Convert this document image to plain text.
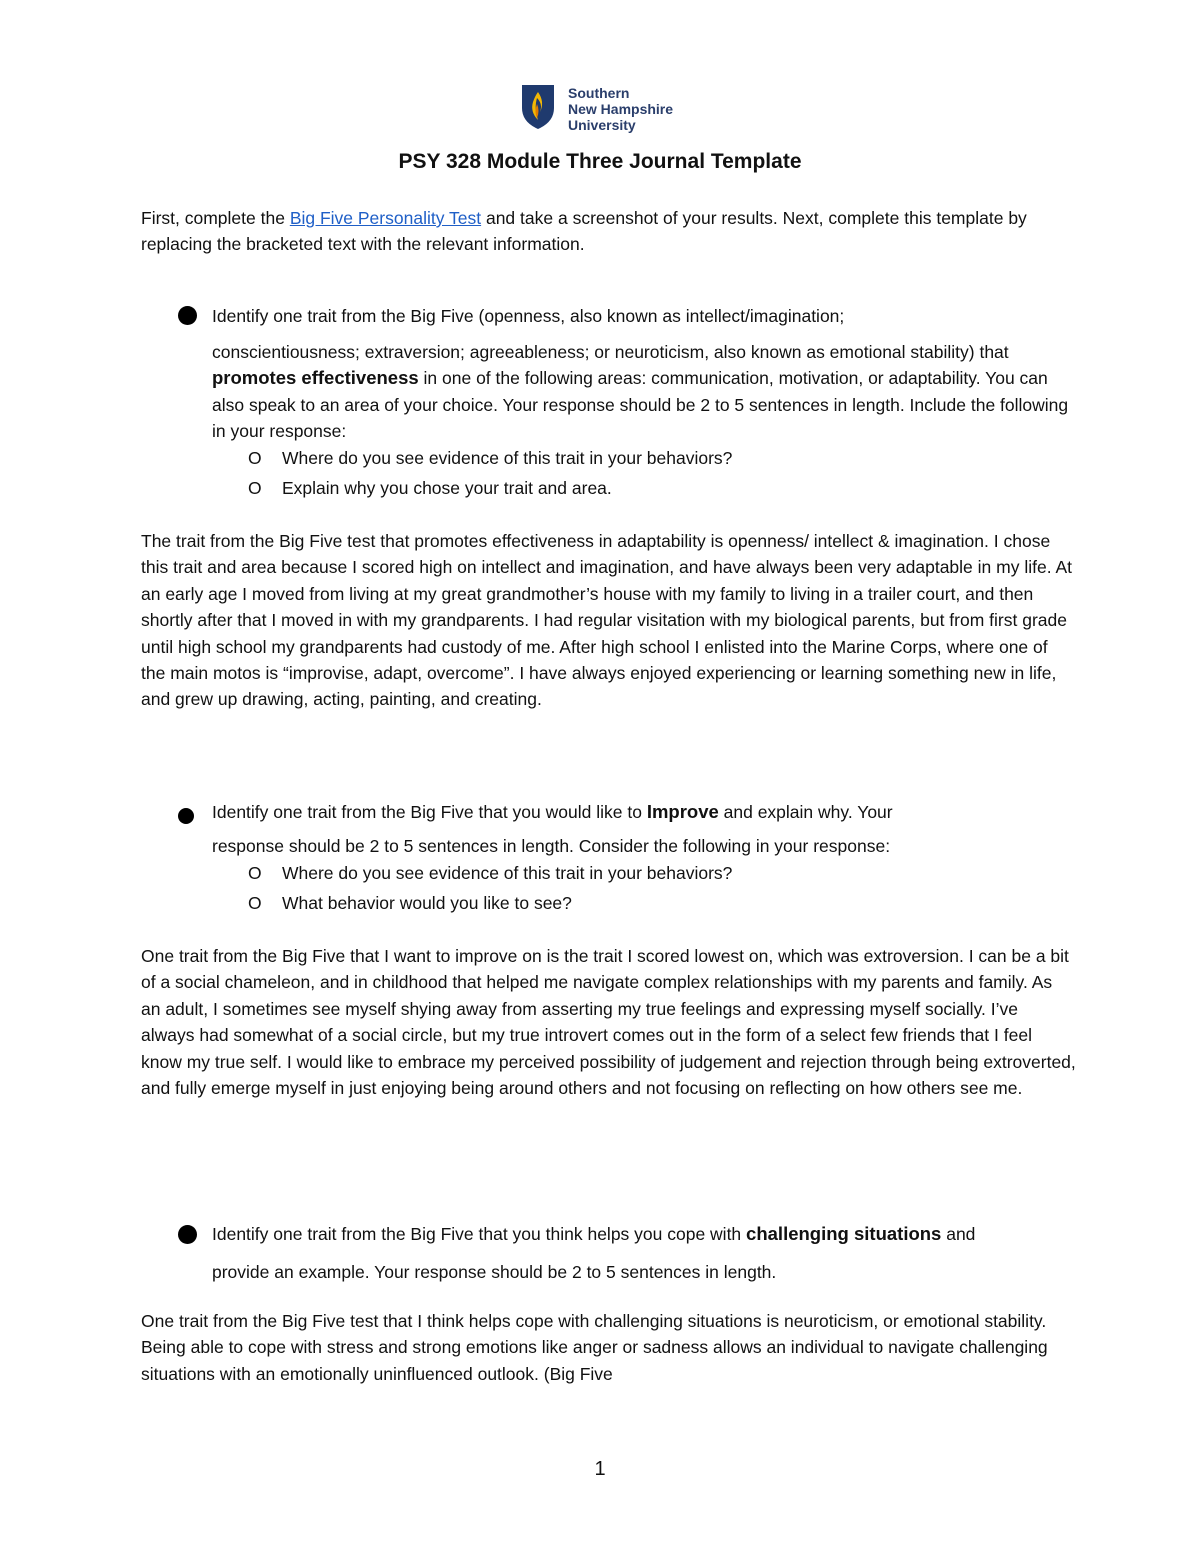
Southern
New Hampshire
University
PSY 328 Module Three Journal Template

First, complete the Big Five Personality Test and take a screenshot of your results. Next, complete this template by replacing the bracketed text with the relevant information.

Identify one trait from the Big Five (openness, also known as intellect/imagination;

conscientiousness; extraversion; agreeableness; or neuroticism, also known as emotional stability) that promotes effectiveness in one of the following areas: communication, motivation, or adaptability. You can also speak to an area of your choice. Your response should be 2 to 5 sentences in length. Include the following in your response:

O Where do you see evidence of this trait in your behaviors?
O Explain why you chose your trait and area.

The trait from the Big Five test that promotes effectiveness in adaptability is openness/ intellect & imagination. I chose this trait and area because I scored high on intellect and imagination, and have always been very adaptable in my life. At an early age I moved from living at my great grandmother’s house with my family to living in a trailer court, and then shortly after that I moved in with my grandparents. I had regular visitation with my biological parents, but from first grade until high school my grandparents had custody of me. After high school I enlisted into the Marine Corps, where one of the main motos is “improvise, adapt, overcome”. I have always enjoyed experiencing or learning something new in life, and grew up drawing, acting, painting, and creating.

Identify one trait from the Big Five that you would like to Improve and explain why. Your
response should be 2 to 5 sentences in length. Consider the following in your response:
O Where do you see evidence of this trait in your behaviors?
O What behavior would you like to see?

One trait from the Big Five that I want to improve on is the trait I scored lowest on, which was extroversion. I can be a bit of a social chameleon, and in childhood that helped me navigate complex relationships with my parents and family. As an adult, I sometimes see myself shying away from asserting my true feelings and expressing myself socially. I’ve always had somewhat of a social circle, but my true introvert comes out in the form of a select few friends that I feel know my true self. I would like to embrace my perceived possibility of judgement and rejection through being extroverted, and fully emerge myself in just enjoying being around others and not focusing on reflecting on how others see me.

Identify one trait from the Big Five that you think helps you cope with challenging situations and
provide an example. Your response should be 2 to 5 sentences in length.

One trait from the Big Five test that I think helps cope with challenging situations is neuroticism, or emotional stability. Being able to cope with stress and strong emotions like anger or sadness allows an individual to navigate challenging situations with an emotionally uninfluenced outlook. (Big Five

1
